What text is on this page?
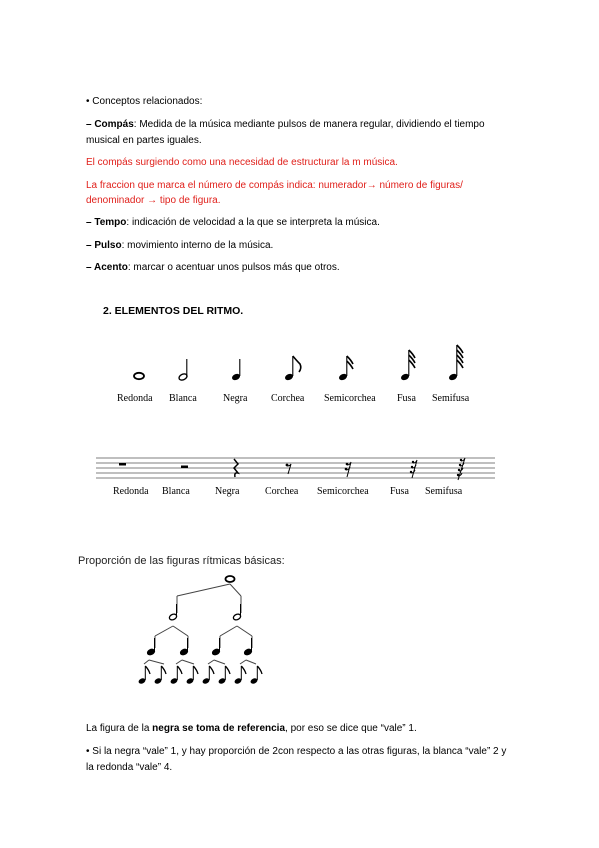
• Conceptos relacionados:
– Compás: Medida de la música mediante pulsos de manera regular, dividiendo el tiempo
musical en partes iguales.
El compás surgiendo como una necesidad de estructurar la m música.
La fraccion que marca el número de compás indica: numerador→ número de figuras/
denominador → tipo de figura.
– Tempo: indicación de velocidad a la que se interpreta la música.
– Pulso: movimiento interno de la música.
– Acento: marcar o acentuar unos pulsos más que otros.
2. ELEMENTOS DEL RITMO.
Redonda Blanca	Negra Corchea Semicorchea Fusa Semifusa
Redonda Blanca	Negra	Corchea Semicorchea Fusa Semifusa
Proporción de las figuras rítmicas básicas:
La figura de la negra se toma de referencia, por eso se dice que “vale” 1.
• Si la negra “vale” 1, y hay proporción de 2con respecto a las otras figuras, la blanca “vale” 2 y
la redonda “vale” 4.
